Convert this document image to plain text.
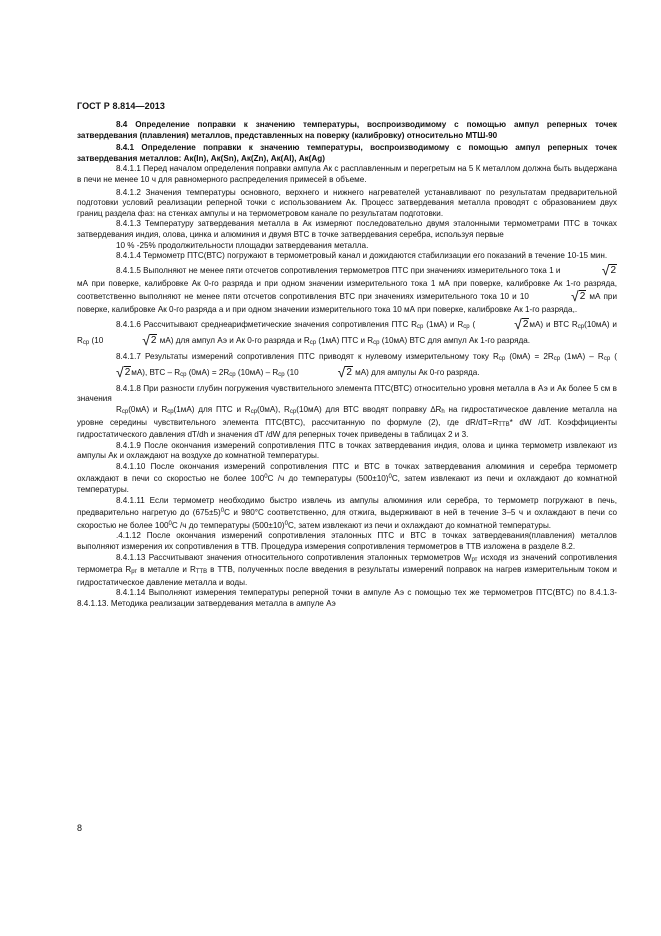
ГОСТ Р 8.814—2013

8.4 Определение поправки к значению температуры, воспроизводимому с помощью ампул реперных точек затвердевания (плавления) металлов, представленных на поверку (калибровку) относительно МТШ-90

8.4.1 Определение поправки к значению температуры, воспроизводимому с помощью ампул реперных точек затвердевания металлов: Ак(In), Ак(Sn), Ак(Zn), Ак(Al), Ак(Ag)

8.4.1.1 Перед началом определения поправки ампула Ак с расплавленным и перегретым на 5 К металлом должна быть выдержана в печи не менее 10 ч для равномерного распределения примесей в объеме.

8.4.1.2 Значения температуры основного, верхнего и нижнего нагревателей устанавливают по результатам предварительной подготовки условий реализации реперной точки с использованием Ак. Процесс затвердевания металла проводят с образованием двух границ раздела фаз: на стенках ампулы и на термометровом канале по результатам подготовки.

8.4.1.3 Температуру затвердевания металла в Ак измеряют последовательно двумя эталонными термометрами ПТС в точках затвердевания индия, олова, цинка и алюминия и двумя ВТС в точке затвердевания серебра, используя первые

10 % -25% продолжительности площадки затвердевания металла.

8.4.1.4 Термометр ПТС(ВТС) погружают в термометровый канал и дожидаются стабилизации его показаний в течение 10-15 мин.

8.4.1.5 Выполняют не менее пяти отсчетов сопротивления термометров ПТС при значениях измерительного тока 1 и	√2 мА при поверке, калибровке Ак 0-го разряда и при одном значении измерительного тока 1 мА при поверке, калибровке Ак 1-го разряда, соответственно выполняют не менее пяти отсчетов сопротивления ВТС при значениях измерительного тока 10 и 10	√2 мА при поверке, калибровке Ак 0-го разряда а и при одном значении измерительного тока 10 мА при поверке, калибровке Ак 1-го разряда,.

8.4.1.6 Рассчитывают среднеарифметические значения сопротивления ПТС $R_{ср}$ (1мА) и $R_{ср}$ (	√2мА) и ВТС $R_{ср}(10мА)$ и $R_{ср}$ (10	√2 мА) для ампул Аэ и Ак 0-го разряда и $R_{ср}$ (1мА) ПТС и $R_{ср}$ (10мА) ВТС для ампул Ак 1-го разряда.

8.4.1.7 Результаты измерений сопротивления ПТС приводят к нулевому измерительному току $R_{ср}$ $(0мА) = 2R_{ср}$ $(1мА) - R_{ср}$ (√2мА), ВТС – $R_{ср}$ $(0мА) = 2R_{ср}$ $(10мА) - R_{ср}$ (10	√2 мА) для ампулы Ак 0-го разряда.

8.4.1.8 При разности глубин погружения чувствительного элемента ПТС(ВТС) относительно уровня металла в Аэ и Ак более 5 см в значения

$R_{ср}(0мА)$ и $R_{ср}(1мА)$ для ПТС и $R_{ср}(0мА)$, $R_{ср}(10мА)$ для ВТС вводят поправку $\Delta R_h$ на гидростатическое давление металла на уровне середины чувствительного элемента ПТС(ВТС), рассчитанную по формуле (2), где $dR/dT=R_{ТТВ}*$ dW /dT. Коэффициенты гидростатического давления dT/dh и значения dT /dW для реперных точек приведены в таблицах 2 и 3.

8.4.1.9 После окончания измерений сопротивления ПТС в точках затвердевания индия, олова и цинка термометр извлекают из ампулы Ак и охлаждают на воздухе до комнатной температуры.

8.4.1.10 После окончания измерений сопротивления ПТС и ВТС в точках затвердевания алюминия и серебра термометр охлаждают в печи со скоростью не более $100^0С$ /ч до температуры $(500\pm 10)^0С$, затем извлекают из печи и охлаждают до комнатной температуры.

8.4.1.11 Если термометр необходимо быстро извлечь из ампулы алюминия или серебра, то термометр погружают в печь, предварительно нагретую до $(675\pm 5)^0С$ и 980°С соответственно, для отжига, выдерживают в ней в течение 3–5 ч и охлаждают в печи со скоростью не более $100^0С$ /ч до температуры $(500\pm 10)^0С$, затем извлекают из печи и охлаждают до комнатной температуры.

.4.1.12 После окончания измерений сопротивления эталонных ПТС и ВТС в точках затвердевания(плавления) металлов выполняют измерения их сопротивления в ТТВ. Процедура измерения сопротивления термометров в ТТВ изложена в разделе 8.2.

8.4.1.13 Рассчитывают значения относительного сопротивления эталонных термометров $W_{рт}$ исходя из значений сопротивления термометра $R_{рт}$ в металле и $R_{ТТВ}$ в ТТВ, полученных после введения в результаты измерений поправок на нагрев измерительным током и гидростатическое давление металла и воды.

8.4.1.14 Выполняют измерения температуры реперной точки в ампуле Аэ с помощью тех же термометров ПТС(ВТС) по 8.4.1.3-8.4.1.13. Методика реализации затвердевания металла в ампуле Аэ

8
